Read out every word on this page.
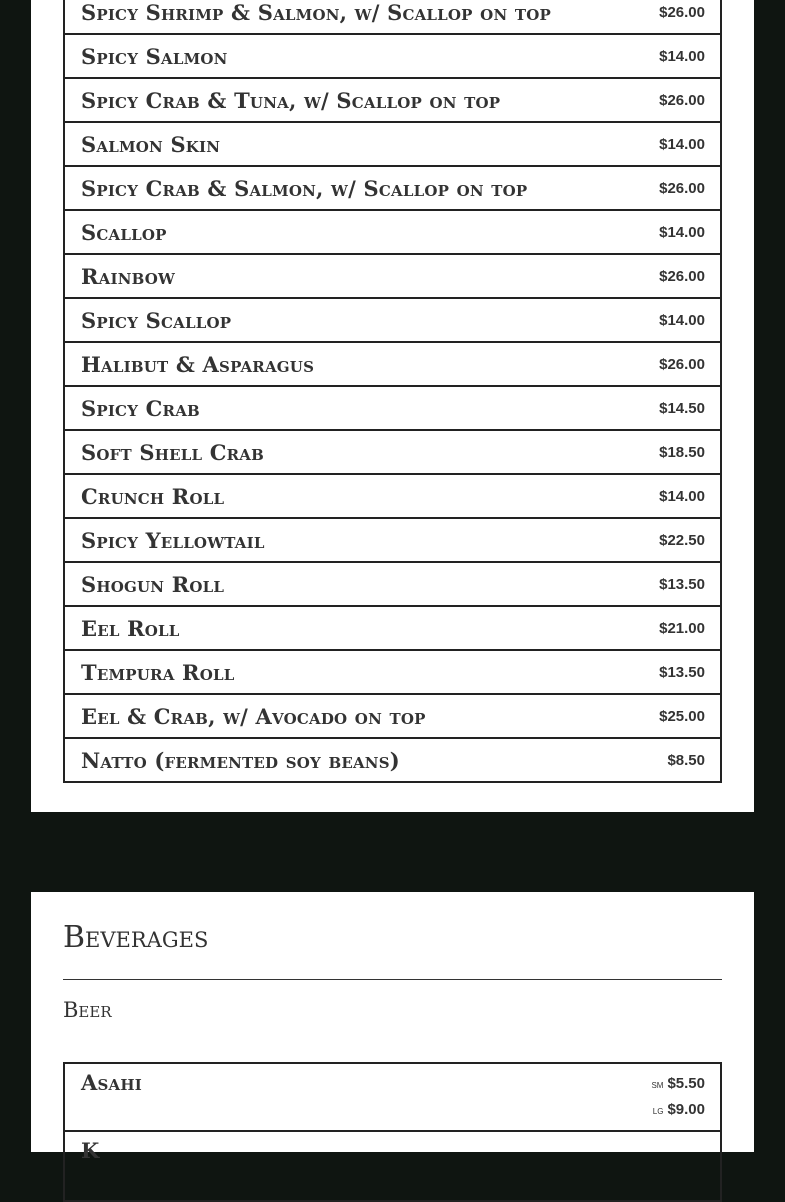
Spicy Shrimp & Salmon, w/ Scallop on top	$26.00
Spicy Salmon	$14.00
Spicy Crab & Tuna, w/ Scallop on top	$26.00
Salmon Skin	$14.00
Spicy Crab & Salmon, w/ Scallop on top	$26.00
Scallop	$14.00
Rainbow	$26.00
Spicy Scallop	$14.00
Halibut & Asparagus	$26.00
Spicy Crab	$14.50
Soft Shell Crab	$18.50
Crunch Roll	$14.00
Spicy Yellowtail	$22.50
Shogun Roll	$13.50
Eel Roll	$21.00
Tempura Roll	$13.50
Eel & Crab, w/ Avocado on top	$25.00
Natto (fermented soy beans)	$8.50
Beverages
Beer
Asahi	sm $5.50
lg $9.00
K
